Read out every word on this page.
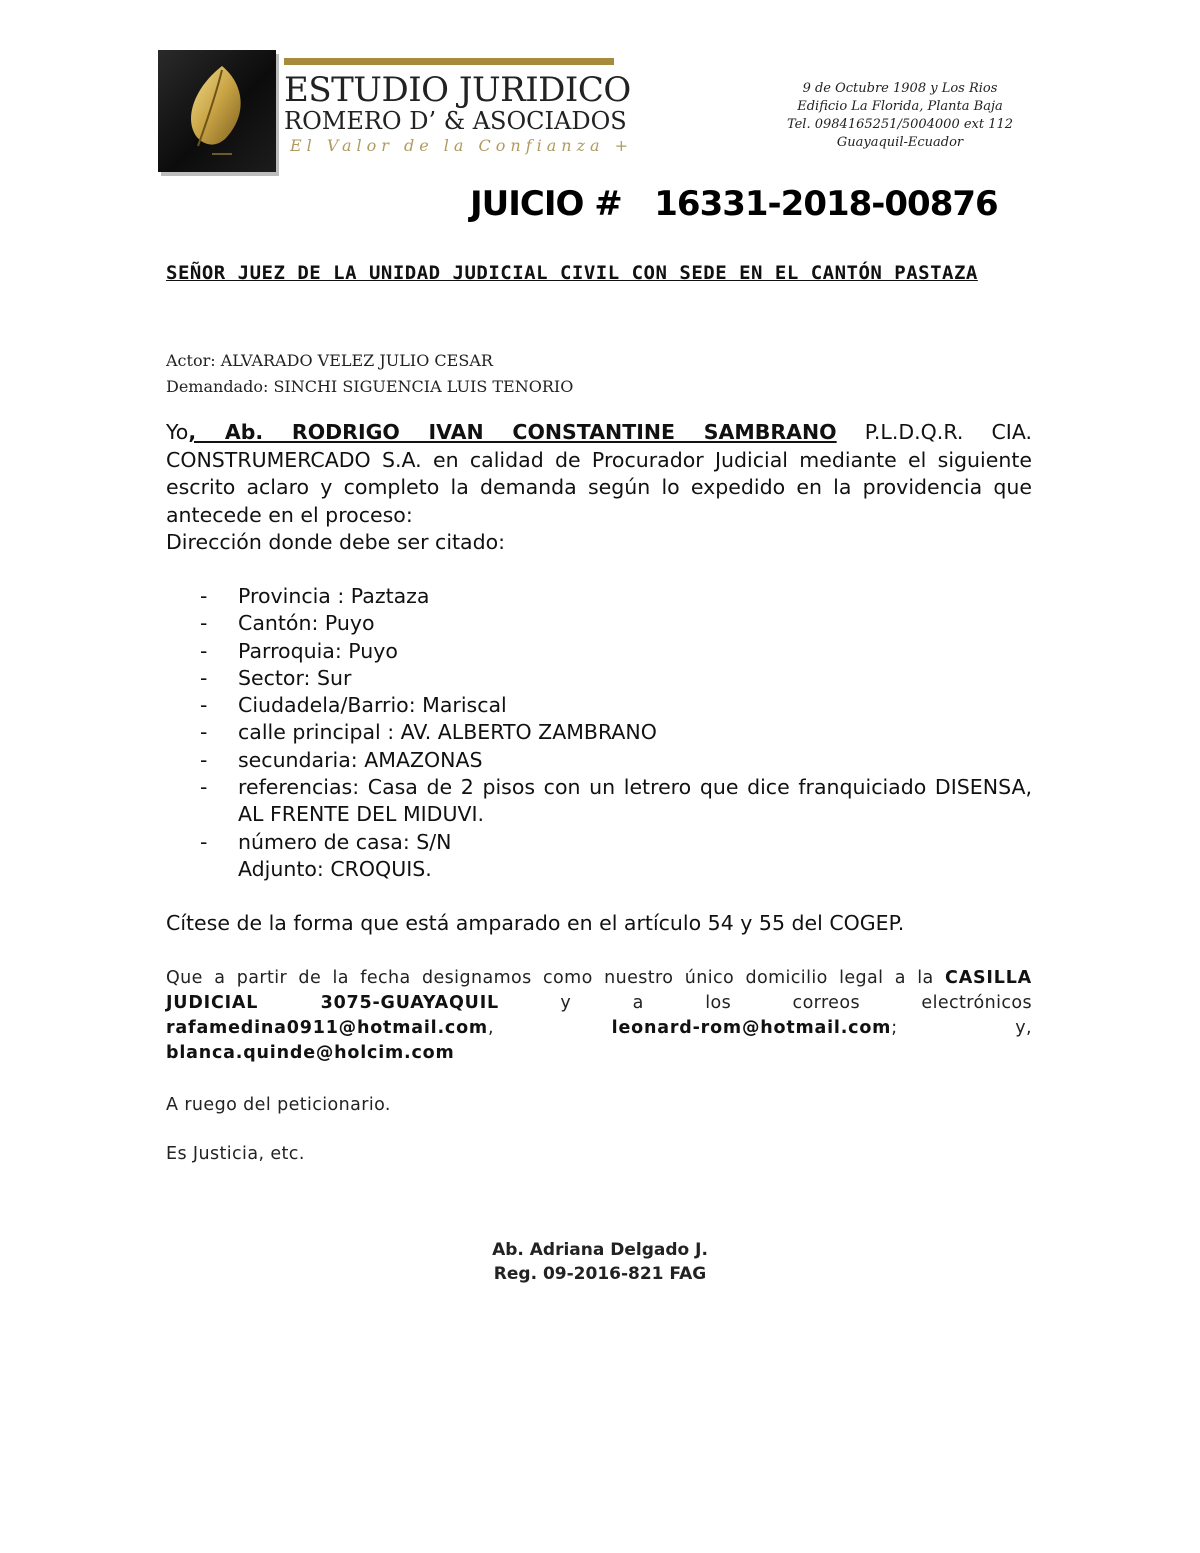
ESTUDIO JURIDICO
ROMERO D’ & ASOCIADOS
El Valor de la Confianza +
9 de Octubre 1908 y Los Rios
Edificio La Florida, Planta Baja
Tel. 0984165251/5004000 ext 112
Guayaquil-Ecuador
JUICIO # 16331-2018-00876
SEÑOR JUEZ DE LA UNIDAD JUDICIAL CIVIL CON SEDE EN EL CANTÓN PASTAZA
Actor: ALVARADO VELEZ JULIO CESAR
Demandado: SINCHI SIGUENCIA LUIS TENORIO
Yo, Ab. RODRIGO IVAN CONSTANTINE SAMBRANO P.L.D.Q.R. CIA. CONSTRUMERCADO S.A. en calidad de Procurador Judicial mediante el siguiente escrito aclaro y completo la demanda según lo expedido en la providencia que antecede en el proceso:
Dirección donde debe ser citado:
- Provincia : Paztaza
- Cantón: Puyo
- Parroquia: Puyo
- Sector: Sur
- Ciudadela/Barrio: Mariscal
- calle principal : AV. ALBERTO ZAMBRANO
- secundaria: AMAZONAS
- referencias: Casa de 2 pisos con un letrero que dice franquiciado DISENSA, AL FRENTE DEL MIDUVI.
- número de casa: S/N
Adjunto: CROQUIS.
Cítese de la forma que está amparado en el artículo 54 y 55 del COGEP.
Que a partir de la fecha designamos como nuestro único domicilio legal a la CASILLA JUDICIAL 3075-GUAYAQUIL y a los correos electrónicos rafamedina0911@hotmail.com, leonard-rom@hotmail.com; y, blanca.quinde@holcim.com
A ruego del peticionario.
Es Justicia, etc.
Ab. Adriana Delgado J.
Reg. 09-2016-821 FAG
